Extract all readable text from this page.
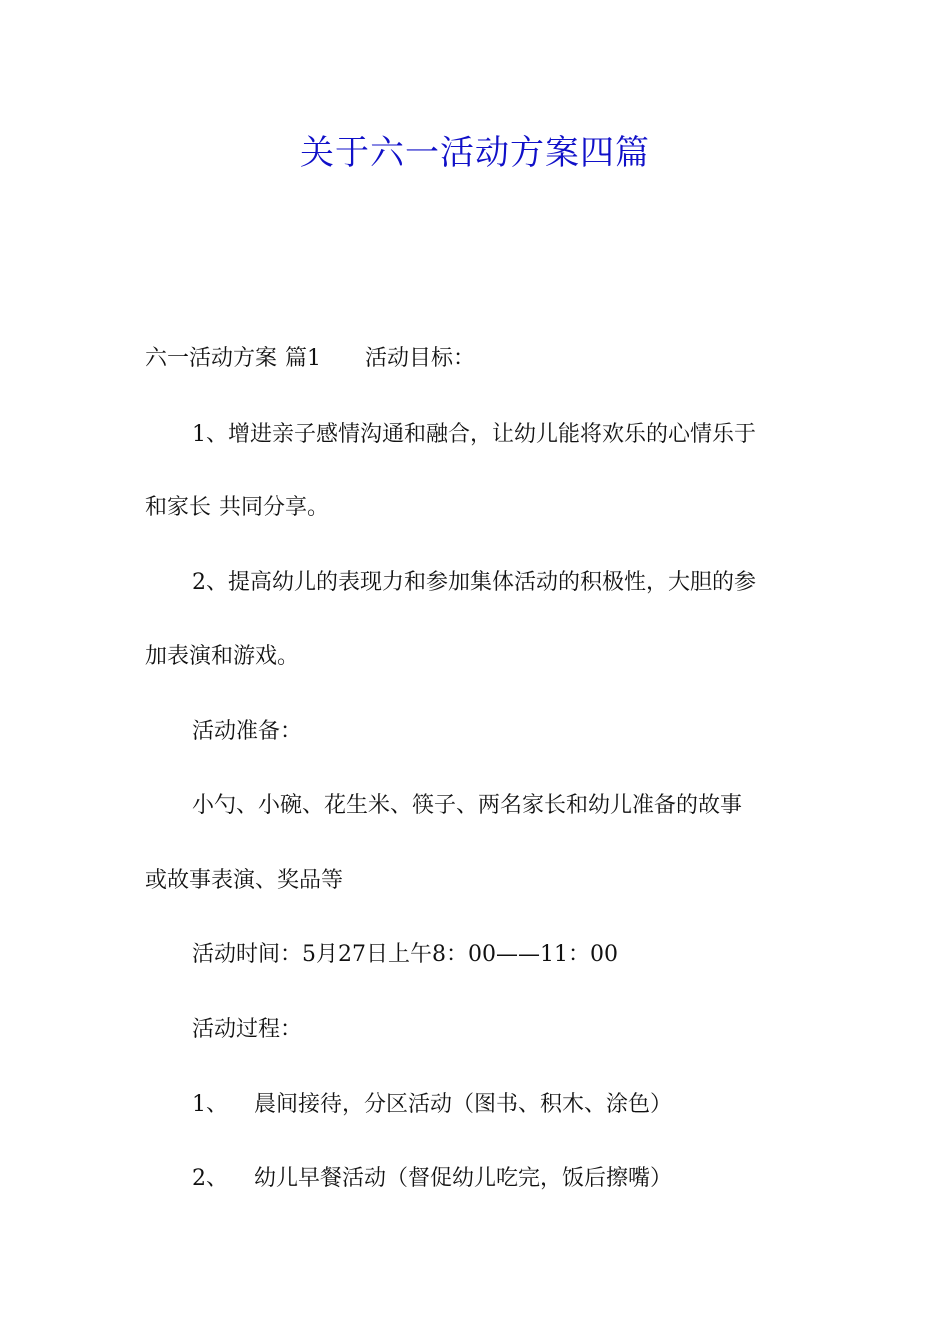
关于六一活动方案四篇

六一活动方案 篇1 活动目标：

1、增进亲子感情沟通和融合，让幼儿能将欢乐的心情乐于

和家长 共同分享。

2、提高幼儿的表现力和参加集体活动的积极性，大胆的参

加表演和游戏。

活动准备：

小勺、小碗、花生米、筷子、两名家长和幼儿准备的故事

或故事表演、奖品等

活动时间：5月27日上午8：00——11：00

活动过程：

1、 晨间接待，分区活动（图书、积木、涂色）

2、 幼儿早餐活动（督促幼儿吃完，饭后擦嘴）
